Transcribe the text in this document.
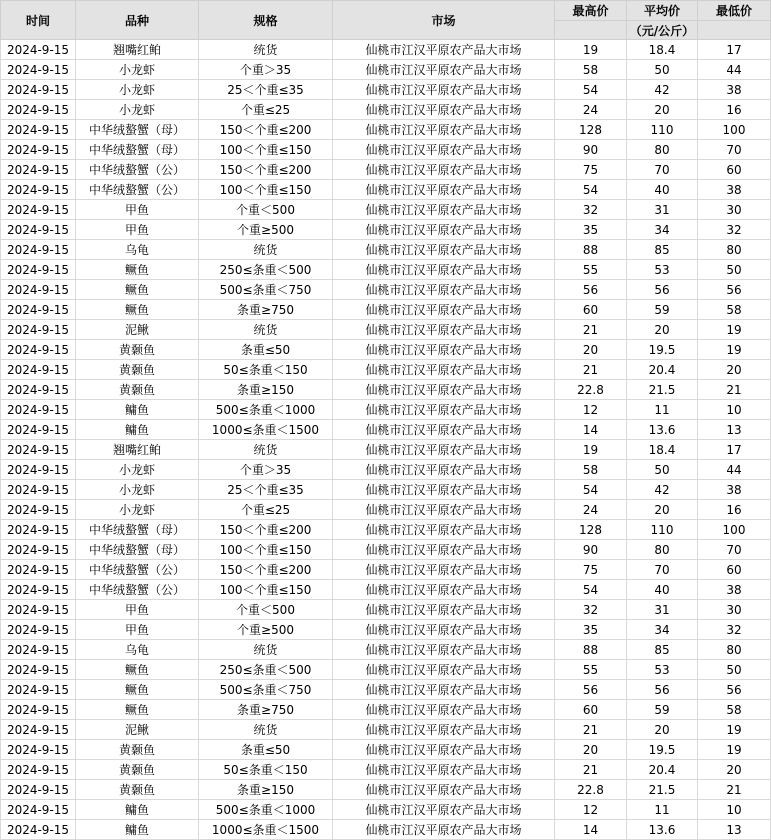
时间	品种	规格	市场	最高价	平均价	最低价
					（元/公斤）	
2024-9-15	翘嘴红鲌	统货	仙桃市江汉平原农产品大市场	19	18.4	17
2024-9-15	小龙虾	个重＞35	仙桃市江汉平原农产品大市场	58	50	44
2024-9-15	小龙虾	25＜个重≤35	仙桃市江汉平原农产品大市场	54	42	38
2024-9-15	小龙虾	个重≤25	仙桃市江汉平原农产品大市场	24	20	16
2024-9-15	中华绒螯蟹（母）	150＜个重≤200	仙桃市江汉平原农产品大市场	128	110	100
2024-9-15	中华绒螯蟹（母）	100＜个重≤150	仙桃市江汉平原农产品大市场	90	80	70
2024-9-15	中华绒螯蟹（公）	150＜个重≤200	仙桃市江汉平原农产品大市场	75	70	60
2024-9-15	中华绒螯蟹（公）	100＜个重≤150	仙桃市江汉平原农产品大市场	54	40	38
2024-9-15	甲鱼	个重＜500	仙桃市江汉平原农产品大市场	32	31	30
2024-9-15	甲鱼	个重≥500	仙桃市江汉平原农产品大市场	35	34	32
2024-9-15	乌龟	统货	仙桃市江汉平原农产品大市场	88	85	80
2024-9-15	鳜鱼	250≤条重＜500	仙桃市江汉平原农产品大市场	55	53	50
2024-9-15	鳜鱼	500≤条重＜750	仙桃市江汉平原农产品大市场	56	56	56
2024-9-15	鳜鱼	条重≥750	仙桃市江汉平原农产品大市场	60	59	58
2024-9-15	泥鳅	统货	仙桃市江汉平原农产品大市场	21	20	19
2024-9-15	黄颡鱼	条重≤50	仙桃市江汉平原农产品大市场	20	19.5	19
2024-9-15	黄颡鱼	50≤条重＜150	仙桃市江汉平原农产品大市场	21	20.4	20
2024-9-15	黄颡鱼	条重≥150	仙桃市江汉平原农产品大市场	22.8	21.5	21
2024-9-15	鳙鱼	500≤条重＜1000	仙桃市江汉平原农产品大市场	12	11	10
2024-9-15	鳙鱼	1000≤条重＜1500	仙桃市江汉平原农产品大市场	14	13.6	13
2024-9-15	翘嘴红鲌	统货	仙桃市江汉平原农产品大市场	19	18.4	17
2024-9-15	小龙虾	个重＞35	仙桃市江汉平原农产品大市场	58	50	44
2024-9-15	小龙虾	25＜个重≤35	仙桃市江汉平原农产品大市场	54	42	38
2024-9-15	小龙虾	个重≤25	仙桃市江汉平原农产品大市场	24	20	16
2024-9-15	中华绒螯蟹（母）	150＜个重≤200	仙桃市江汉平原农产品大市场	128	110	100
2024-9-15	中华绒螯蟹（母）	100＜个重≤150	仙桃市江汉平原农产品大市场	90	80	70
2024-9-15	中华绒螯蟹（公）	150＜个重≤200	仙桃市江汉平原农产品大市场	75	70	60
2024-9-15	中华绒螯蟹（公）	100＜个重≤150	仙桃市江汉平原农产品大市场	54	40	38
2024-9-15	甲鱼	个重＜500	仙桃市江汉平原农产品大市场	32	31	30
2024-9-15	甲鱼	个重≥500	仙桃市江汉平原农产品大市场	35	34	32
2024-9-15	乌龟	统货	仙桃市江汉平原农产品大市场	88	85	80
2024-9-15	鳜鱼	250≤条重＜500	仙桃市江汉平原农产品大市场	55	53	50
2024-9-15	鳜鱼	500≤条重＜750	仙桃市江汉平原农产品大市场	56	56	56
2024-9-15	鳜鱼	条重≥750	仙桃市江汉平原农产品大市场	60	59	58
2024-9-15	泥鳅	统货	仙桃市江汉平原农产品大市场	21	20	19
2024-9-15	黄颡鱼	条重≤50	仙桃市江汉平原农产品大市场	20	19.5	19
2024-9-15	黄颡鱼	50≤条重＜150	仙桃市江汉平原农产品大市场	21	20.4	20
2024-9-15	黄颡鱼	条重≥150	仙桃市江汉平原农产品大市场	22.8	21.5	21
2024-9-15	鳙鱼	500≤条重＜1000	仙桃市江汉平原农产品大市场	12	11	10
2024-9-15	鳙鱼	1000≤条重＜1500	仙桃市江汉平原农产品大市场	14	13.6	13
